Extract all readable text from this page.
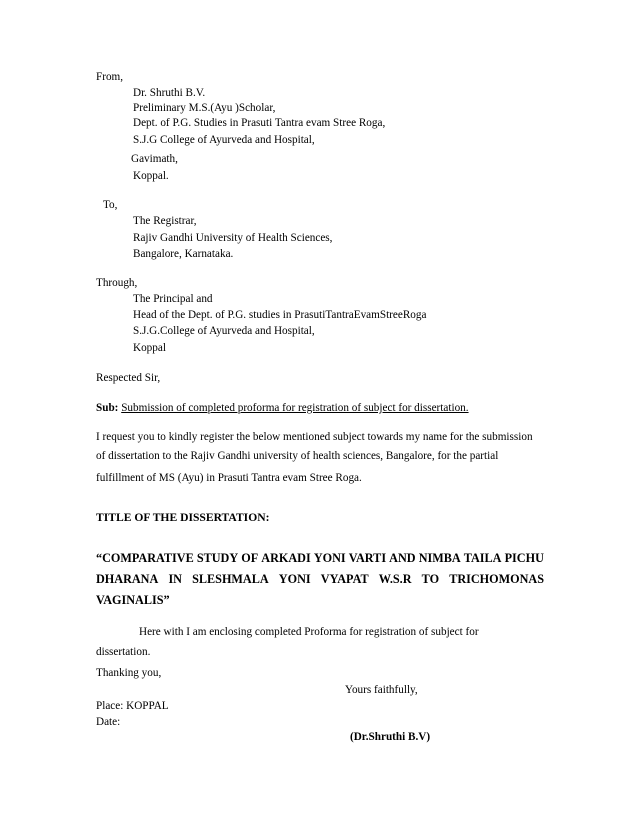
From,
Dr. Shruthi B.V.
Preliminary M.S.(Ayu )Scholar,
Dept. of P.G. Studies in Prasuti Tantra evam Stree Roga,
S.J.G College of Ayurveda and Hospital,
Gavimath,
Koppal.
To,
The Registrar,
Rajiv Gandhi University of Health Sciences,
Bangalore, Karnataka.
Through,
The Principal and
Head of the Dept. of P.G. studies in PrasutiTantraEvamStreeRoga
S.J.G.College of Ayurveda and Hospital,
Koppal
Respected Sir,
Sub: Submission of completed proforma for registration of subject for dissertation.
I request you to kindly register the below mentioned subject towards my name for the submission
of dissertation to the Rajiv Gandhi university of health sciences, Bangalore, for the partial
fulfillment of MS (Ayu) in Prasuti Tantra evam Stree Roga.
TITLE OF THE DISSERTATION:
“COMPARATIVE STUDY OF ARKADI YONI VARTI AND NIMBA TAILA PICHU
DHARANA IN SLESHMALA YONI VYAPAT W.S.R TO TRICHOMONAS
VAGINALIS”
Here with I am enclosing completed Proforma for registration of subject for
dissertation.
Thanking you,
Yours faithfully,
Place: KOPPAL
Date:
(Dr.Shruthi B.V)
